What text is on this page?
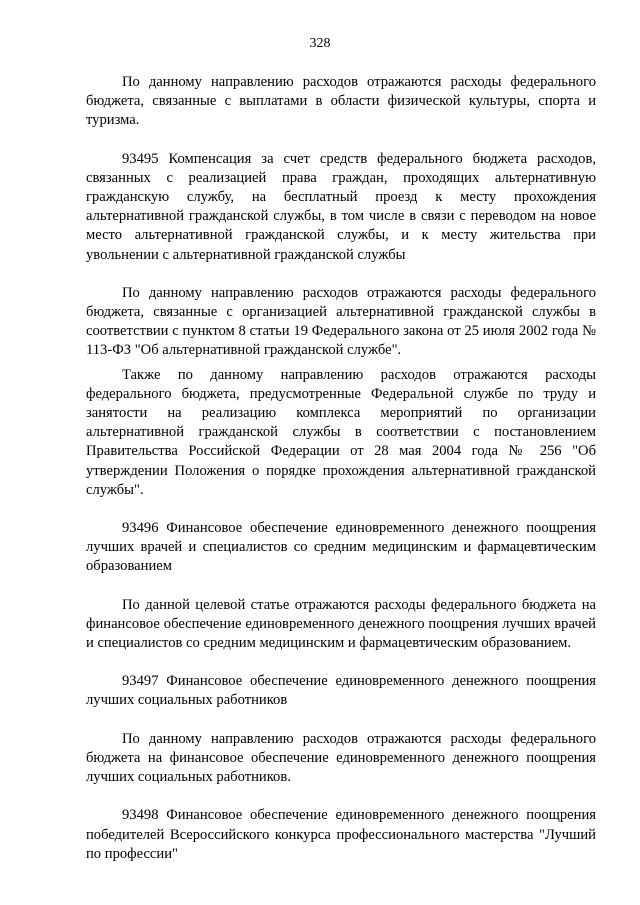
328

По данному направлению расходов отражаются расходы федерального бюджета, связанные с выплатами в области физической культуры, спорта и туризма.

93495 Компенсация за счет средств федерального бюджета расходов, связанных с реализацией права граждан, проходящих альтернативную гражданскую службу, на бесплатный проезд к месту прохождения альтернативной гражданской службы, в том числе в связи с переводом на новое место альтернативной гражданской службы, и к месту жительства при увольнении с альтернативной гражданской службы

По данному направлению расходов отражаются расходы федерального бюджета, связанные с организацией альтернативной гражданской службы в соответствии с пунктом 8 статьи 19 Федерального закона от 25 июля 2002 года № 113-ФЗ "Об альтернативной гражданской службе".

Также по данному направлению расходов отражаются расходы федерального бюджета, предусмотренные Федеральной службе по труду и занятости на реализацию комплекса мероприятий по организации альтернативной гражданской службы в соответствии с постановлением Правительства Российской Федерации от 28 мая 2004 года № 256 "Об утверждении Положения о порядке прохождения альтернативной гражданской службы".

93496 Финансовое обеспечение единовременного денежного поощрения лучших врачей и специалистов со средним медицинским и фармацевтическим образованием

По данной целевой статье отражаются расходы федерального бюджета на финансовое обеспечение единовременного денежного поощрения лучших врачей и специалистов со средним медицинским и фармацевтическим образованием.

93497 Финансовое обеспечение единовременного денежного поощрения лучших социальных работников

По данному направлению расходов отражаются расходы федерального бюджета на финансовое обеспечение единовременного денежного поощрения лучших социальных работников.

93498 Финансовое обеспечение единовременного денежного поощрения победителей Всероссийского конкурса профессионального мастерства "Лучший по профессии"
